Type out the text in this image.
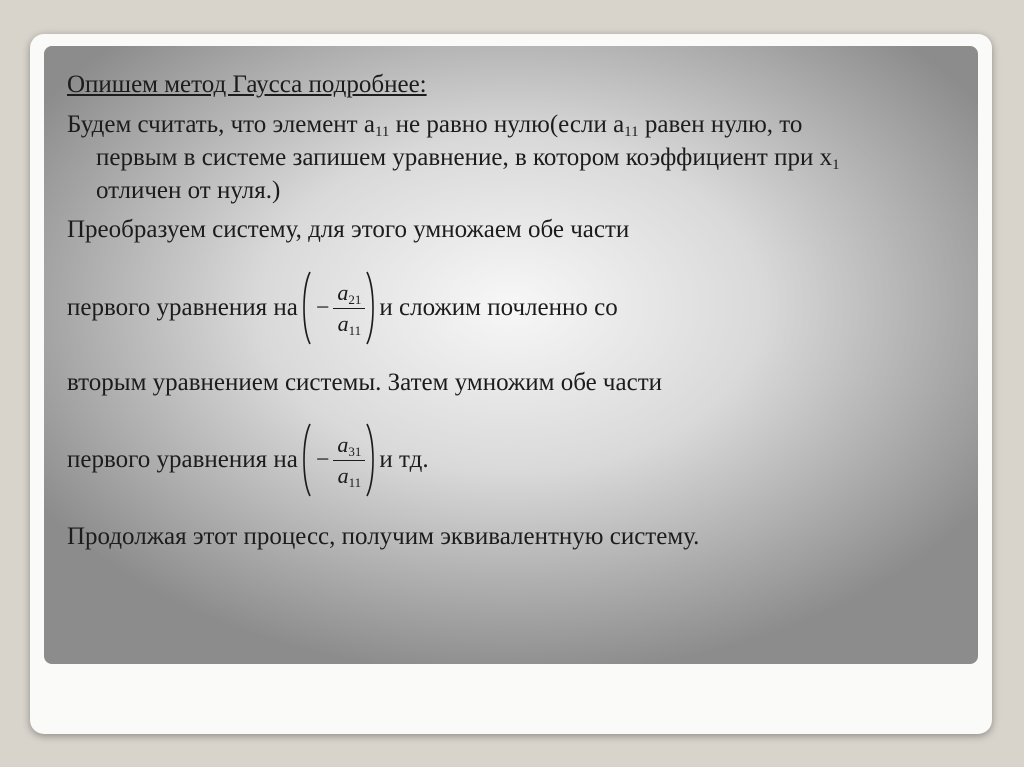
Опишем метод Гаусса подробнее:
Будем считать, что элемент $a_{11}$ не равно нулю(если $a_{11}$ равен нулю, то
первым в системе запишем уравнение, в котором коэффициент при $x_1$
отличен от нуля.)
Преобразуем систему, для этого умножаем обе части
первого уравнения на − $\frac{a_{21}}{a_{11}}$ и сложим почленно со
вторым уравнением системы. Затем умножим обе части
первого уравнения на − $\frac{a_{31}}{a_{11}}$ и тд.
Продолжая этот процесс, получим эквивалентную систему.
